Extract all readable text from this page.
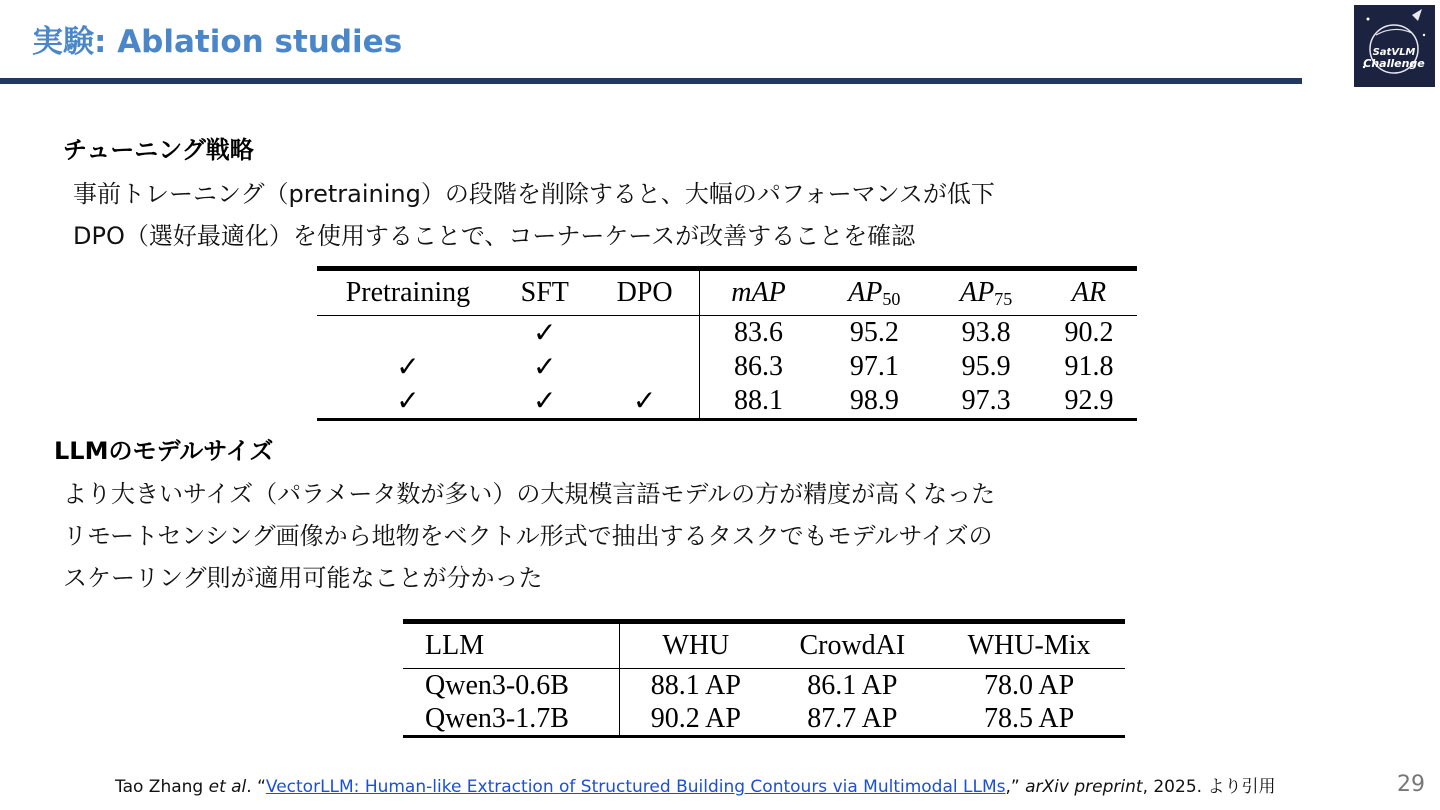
実験: Ablation studies	SatVLM
Challenge
チューニング戦略
事前トレーニング（pretraining）の段階を削除すると、大幅のパフォーマンスが低下
DPO（選好最適化）を使用することで、コーナーケースが改善することを確認
Pretraining	SFT	DPO	mAP	$AP_{50}$	$AP_{75}$	AR
	✓		83.6	95.2	93.8	90.2
✓	✓		86.3	97.1	95.9	91.8
✓	✓	✓	88.1	98.9	97.3	92.9
LLMのモデルサイズ
より大きいサイズ（パラメータ数が多い）の大規模言語モデルの方が精度が高くなった
リモートセンシング画像から地物をベクトル形式で抽出するタスクでもモデルサイズの
スケーリング則が適用可能なことが分かった
LLM	WHU	CrowdAI	WHU-Mix
Qwen3-0.6B	88.1 AP	86.1 AP	78.0 AP
Qwen3-1.7B	90.2 AP	87.7 AP	78.5 AP
Tao Zhang et al. “VectorLLM: Human-like Extraction of Structured Building Contours via Multimodal LLMs,” arXiv preprint, 2025. より引用	29
